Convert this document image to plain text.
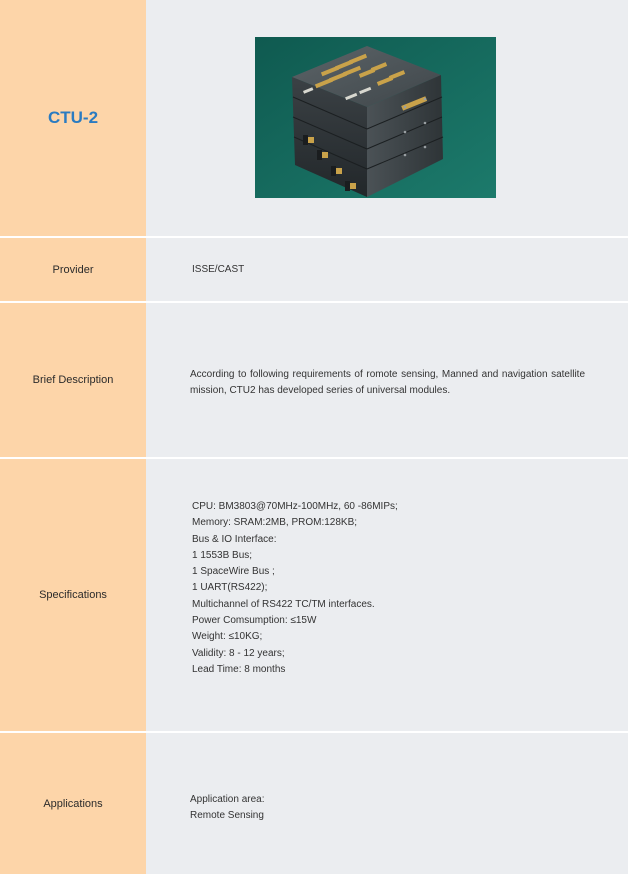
CTU-2
Provider	ISSE/CAST
Brief Description	According to following requirements of romote sensing, Manned and navigation satellite mission, CTU2 has developed series of universal modules.
Specifications
CPU: BM3803@70MHz-100MHz, 60 -86MIPs;
Memory: SRAM:2MB, PROM:128KB;
Bus & IO Interface:
1 1553B Bus;
1 SpaceWire Bus ;
1 UART(RS422);
Multichannel of RS422 TC/TM interfaces.
Power Comsumption: ≤15W
Weight: ≤10KG;
Validity: 8 - 12 years;
Lead Time: 8 months
Applications	Application area:
Remote Sensing
